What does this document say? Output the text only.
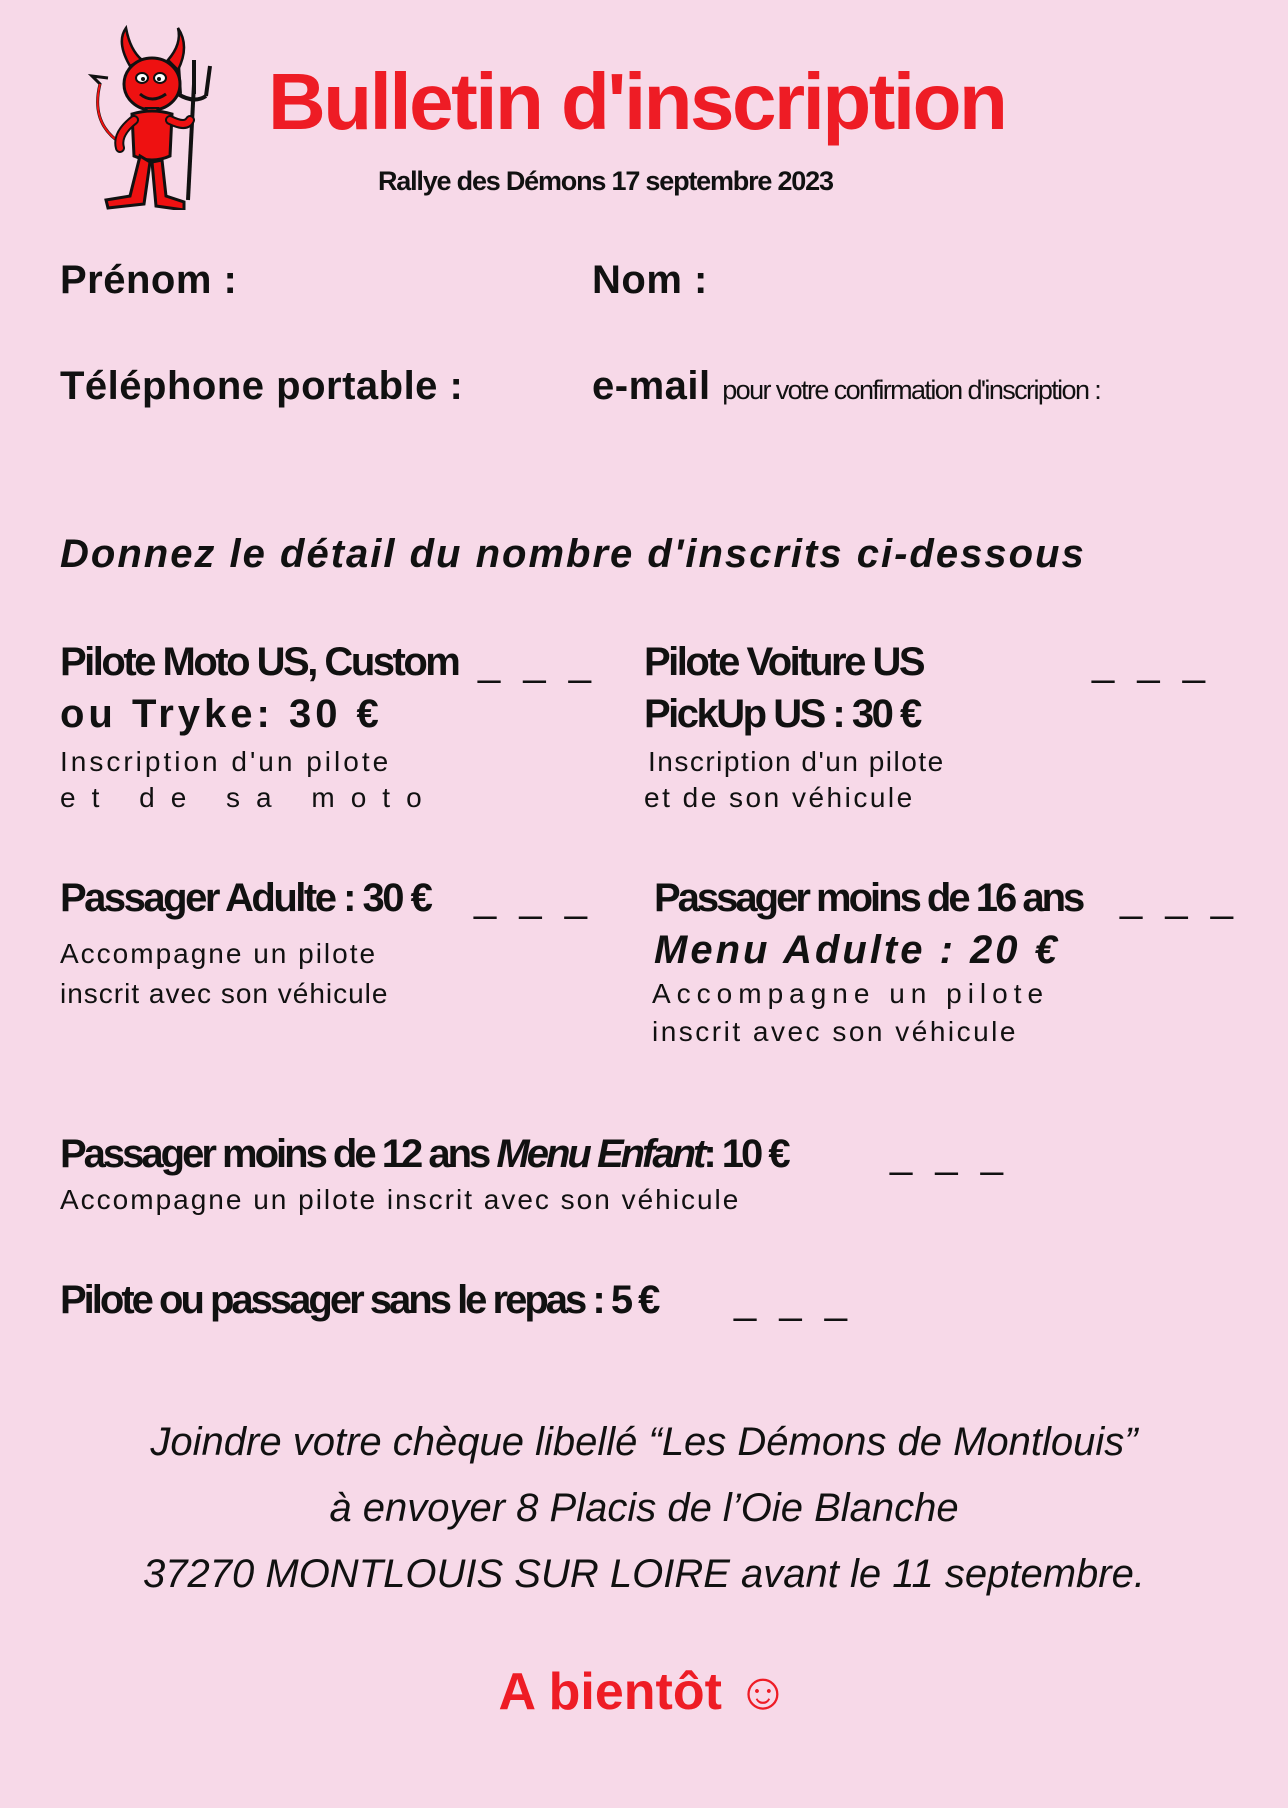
Bulletin d'inscription
Rallye des Démons 17 septembre 2023
Prénom :	Nom :
Téléphone portable :	e-mail pour votre confirmation d'inscription :
Donnez le détail du nombre d'inscrits ci-dessous
Pilote Moto US, Custom _ _ _
ou Tryke: 30 €
Inscription d'un pilote
et de sa moto
Pilote Voiture US	_ _ _
PickUp US : 30 €
Inscription d'un pilote
et de son véhicule
Passager Adulte : 30 € _ _ _
Accompagne un pilote
inscrit avec son véhicule
Passager moins de 16 ans _ _ _
Menu Adulte : 20 €
Accompagne un pilote
inscrit avec son véhicule
Passager moins de 12 ans Menu Enfant: 10 €	_ _ _
Accompagne un pilote inscrit avec son véhicule
Pilote ou passager sans le repas : 5 € _ _ _
Joindre votre chèque libellé “Les Démons de Montlouis”
à envoyer 8 Placis de l’Oie Blanche
37270 MONTLOUIS SUR LOIRE avant le 11 septembre.
A bientôt ☺
